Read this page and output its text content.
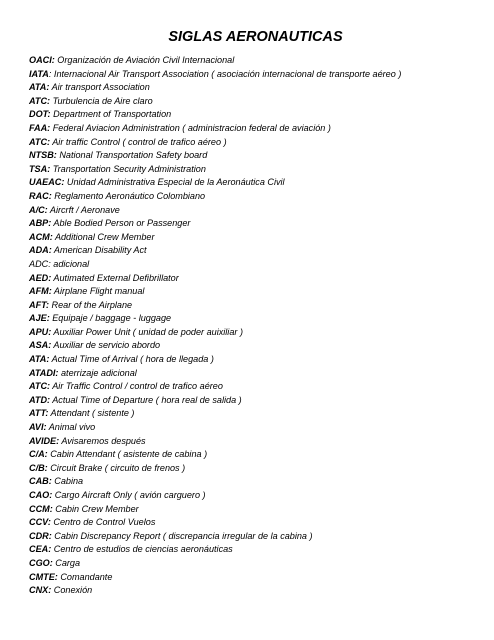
SIGLAS AERONAUTICAS
OACI: Organización de Aviación Civil Internacional
IATA: Internacional Air Transport Association ( asociación internacional de transporte aéreo )
ATA: Air transport Association
ATC: Turbulencia de Aire claro
DOT: Department of Transportation
FAA: Federal Aviacion Administration ( administracion federal de aviación )
ATC: Air traffic Control ( control de trafico aéreo )
NTSB: National Transportation Safety board
TSA: Transportation Security Administration
UAEAC: Unidad Administrativa Especial de la Aeronáutica Civil
RAC: Reglamento Aeronáutico Colombiano
A/C: Aircrft / Aeronave
ABP: Able Bodied Person or Passenger
ACM: Additional Crew Member
ADA: American Disability Act
ADC: adicional
AED: Autimated External Defibrillator
AFM: Airplane Flight manual
AFT: Rear of the Airplane
AJE: Equipaje / baggage - luggage
APU: Auxiliar Power Unit ( unidad de poder auixiliar )
ASA: Auxiliar de servicio abordo
ATA: Actual Time of Arrival ( hora de llegada )
ATADI: aterrizaje adicional
ATC: Air Traffic Control / control de trafico aéreo
ATD: Actual Time of Departure ( hora real de salida )
ATT: Attendant ( sistente )
AVI: Animal vivo
AVIDE: Avisaremos después
C/A: Cabin Attendant ( asistente de cabina )
C/B: Circuit Brake ( circuito de frenos )
CAB: Cabina
CAO: Cargo Aircraft Only ( avión carguero )
CCM: Cabin Crew Member
CCV: Centro de Control Vuelos
CDR: Cabin Discrepancy Report ( discrepancia irregular de la cabina )
CEA: Centro de estudios de ciencias aeronáuticas
CGO: Carga
CMTE: Comandante
CNX: Conexión
